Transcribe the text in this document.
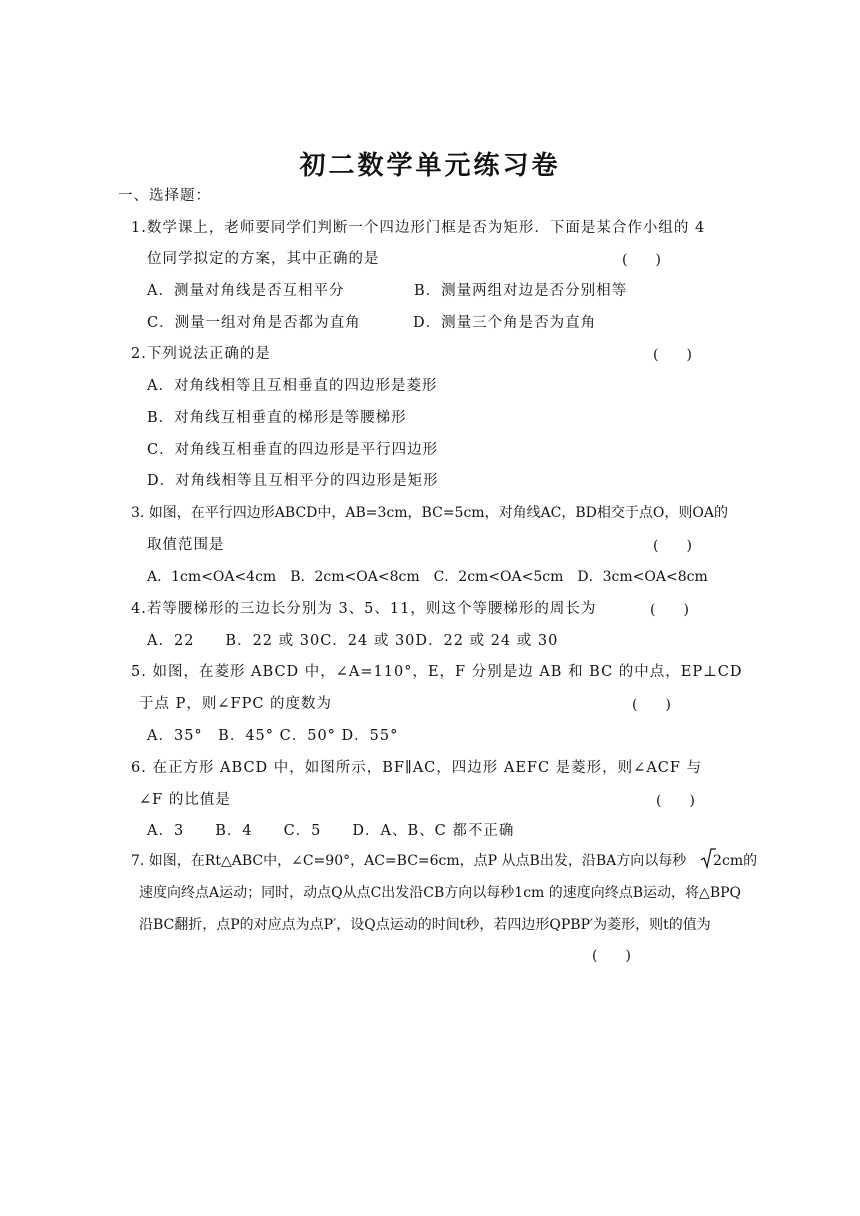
初二数学单元练习卷
一、选择题：
1.数学课上，老师要同学们判断一个四边形门框是否为矩形．下面是某合作小组的 4
位同学拟定的方案，其中正确的是	(　　)
A．测量对角线是否互相平分	B．测量两组对边是否分别相等
C．测量一组对角是否都为直角	D．测量三个角是否为直角
2.下列说法正确的是	(　　)
A．对角线相等且互相垂直的四边形是菱形
B．对角线互相垂直的梯形是等腰梯形
C．对角线互相垂直的四边形是平行四边形
D．对角线相等且互相平分的四边形是矩形
3. 如图，在平行四边形ABCD中，AB=3cm，BC=5cm，对角线AC，BD相交于点O，则OA的
取值范围是	(　　)
A．1cm<OA<4cm　B．2cm<OA<8cm　C．2cm<OA<5cm　D．3cm<OA<8cm
4.若等腰梯形的三边长分别为 3、5、11，则这个等腰梯形的周长为	(　　)
A．22　　B．22 或 30C．24 或 30D．22 或 24 或 30
5. 如图，在菱形 ABCD 中，∠A=110°，E，F 分别是边 AB 和 BC 的中点，EP⊥CD
于点 P，则∠FPC 的度数为	(　　)
A．35°　B．45° C．50° D．55°
6. 在正方形 ABCD 中，如图所示，BF∥AC，四边形 AEFC 是菱形，则∠ACF 与
∠F 的比值是	(　　)
A．3　　B．4　　C．5　　D．A、B、C 都不正确
7. 如图，在Rt△ABC中，∠C=90°，AC=BC=6cm，点P 从点B出发，沿BA方向以每秒 2 cm的
速度向终点A运动；同时，动点Q从点C出发沿CB方向以每秒1cm 的速度向终点B运动，将△BPQ
沿BC翻折，点P的对应点为点P′，设Q点运动的时间t秒，若四边形QPBP′为菱形，则t的值为
(　　)
